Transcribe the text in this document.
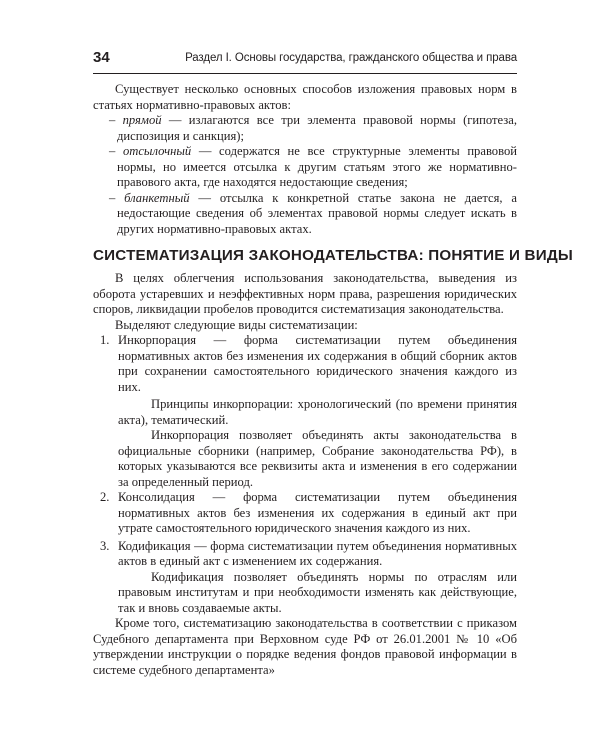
34	Раздел I. Основы государства, гражданского общества и права

Существует несколько основных способов изложения правовых норм в статьях нормативно-правовых актов:

– прямой — излагаются все три элемента правовой нормы (гипотеза, диспозиция и санкция);

– отсылочный — содержатся не все структурные элементы правовой нормы, но имеется отсылка к другим статьям этого же нормативно-правового акта, где находятся недостающие сведения;

– бланкетный — отсылка к конкретной статье закона не дается, а недостающие сведения об элементах правовой нормы следует искать в других нормативно-правовых актах.

СИСТЕМАТИЗАЦИЯ ЗАКОНОДАТЕЛЬСТВА: ПОНЯТИЕ И ВИДЫ

В целях облегчения использования законодательства, выведения из оборота устаревших и неэффективных норм права, разрешения юридических споров, ликвидации пробелов проводится систематизация законодательства.

Выделяют следующие виды систематизации:

1. Инкорпорация — форма систематизации путем объединения нормативных актов без изменения их содержания в общий сборник актов при сохранении самостоятельного юридического значения каждого из них.

Принципы инкорпорации: хронологический (по времени принятия акта), тематический.

Инкорпорация позволяет объединять акты законодательства в официальные сборники (например, Собрание законодательства РФ), в которых указываются все реквизиты акта и изменения в его содержании за определенный период.

2. Консолидация — форма систематизации путем объединения нормативных актов без изменения их содержания в единый акт при утрате самостоятельного юридического значения каждого из них.

3. Кодификация — форма систематизации путем объединения нормативных актов в единый акт с изменением их содержания.

Кодификация позволяет объединять нормы по отраслям или правовым институтам и при необходимости изменять как действующие, так и вновь создаваемые акты.

Кроме того, систематизацию законодательства в соответствии с приказом Судебного департамента при Верховном суде РФ от 26.01.2001 № 10 «Об утверждении инструкции о порядке ведения фондов правовой информации в системе судебного департамента»
